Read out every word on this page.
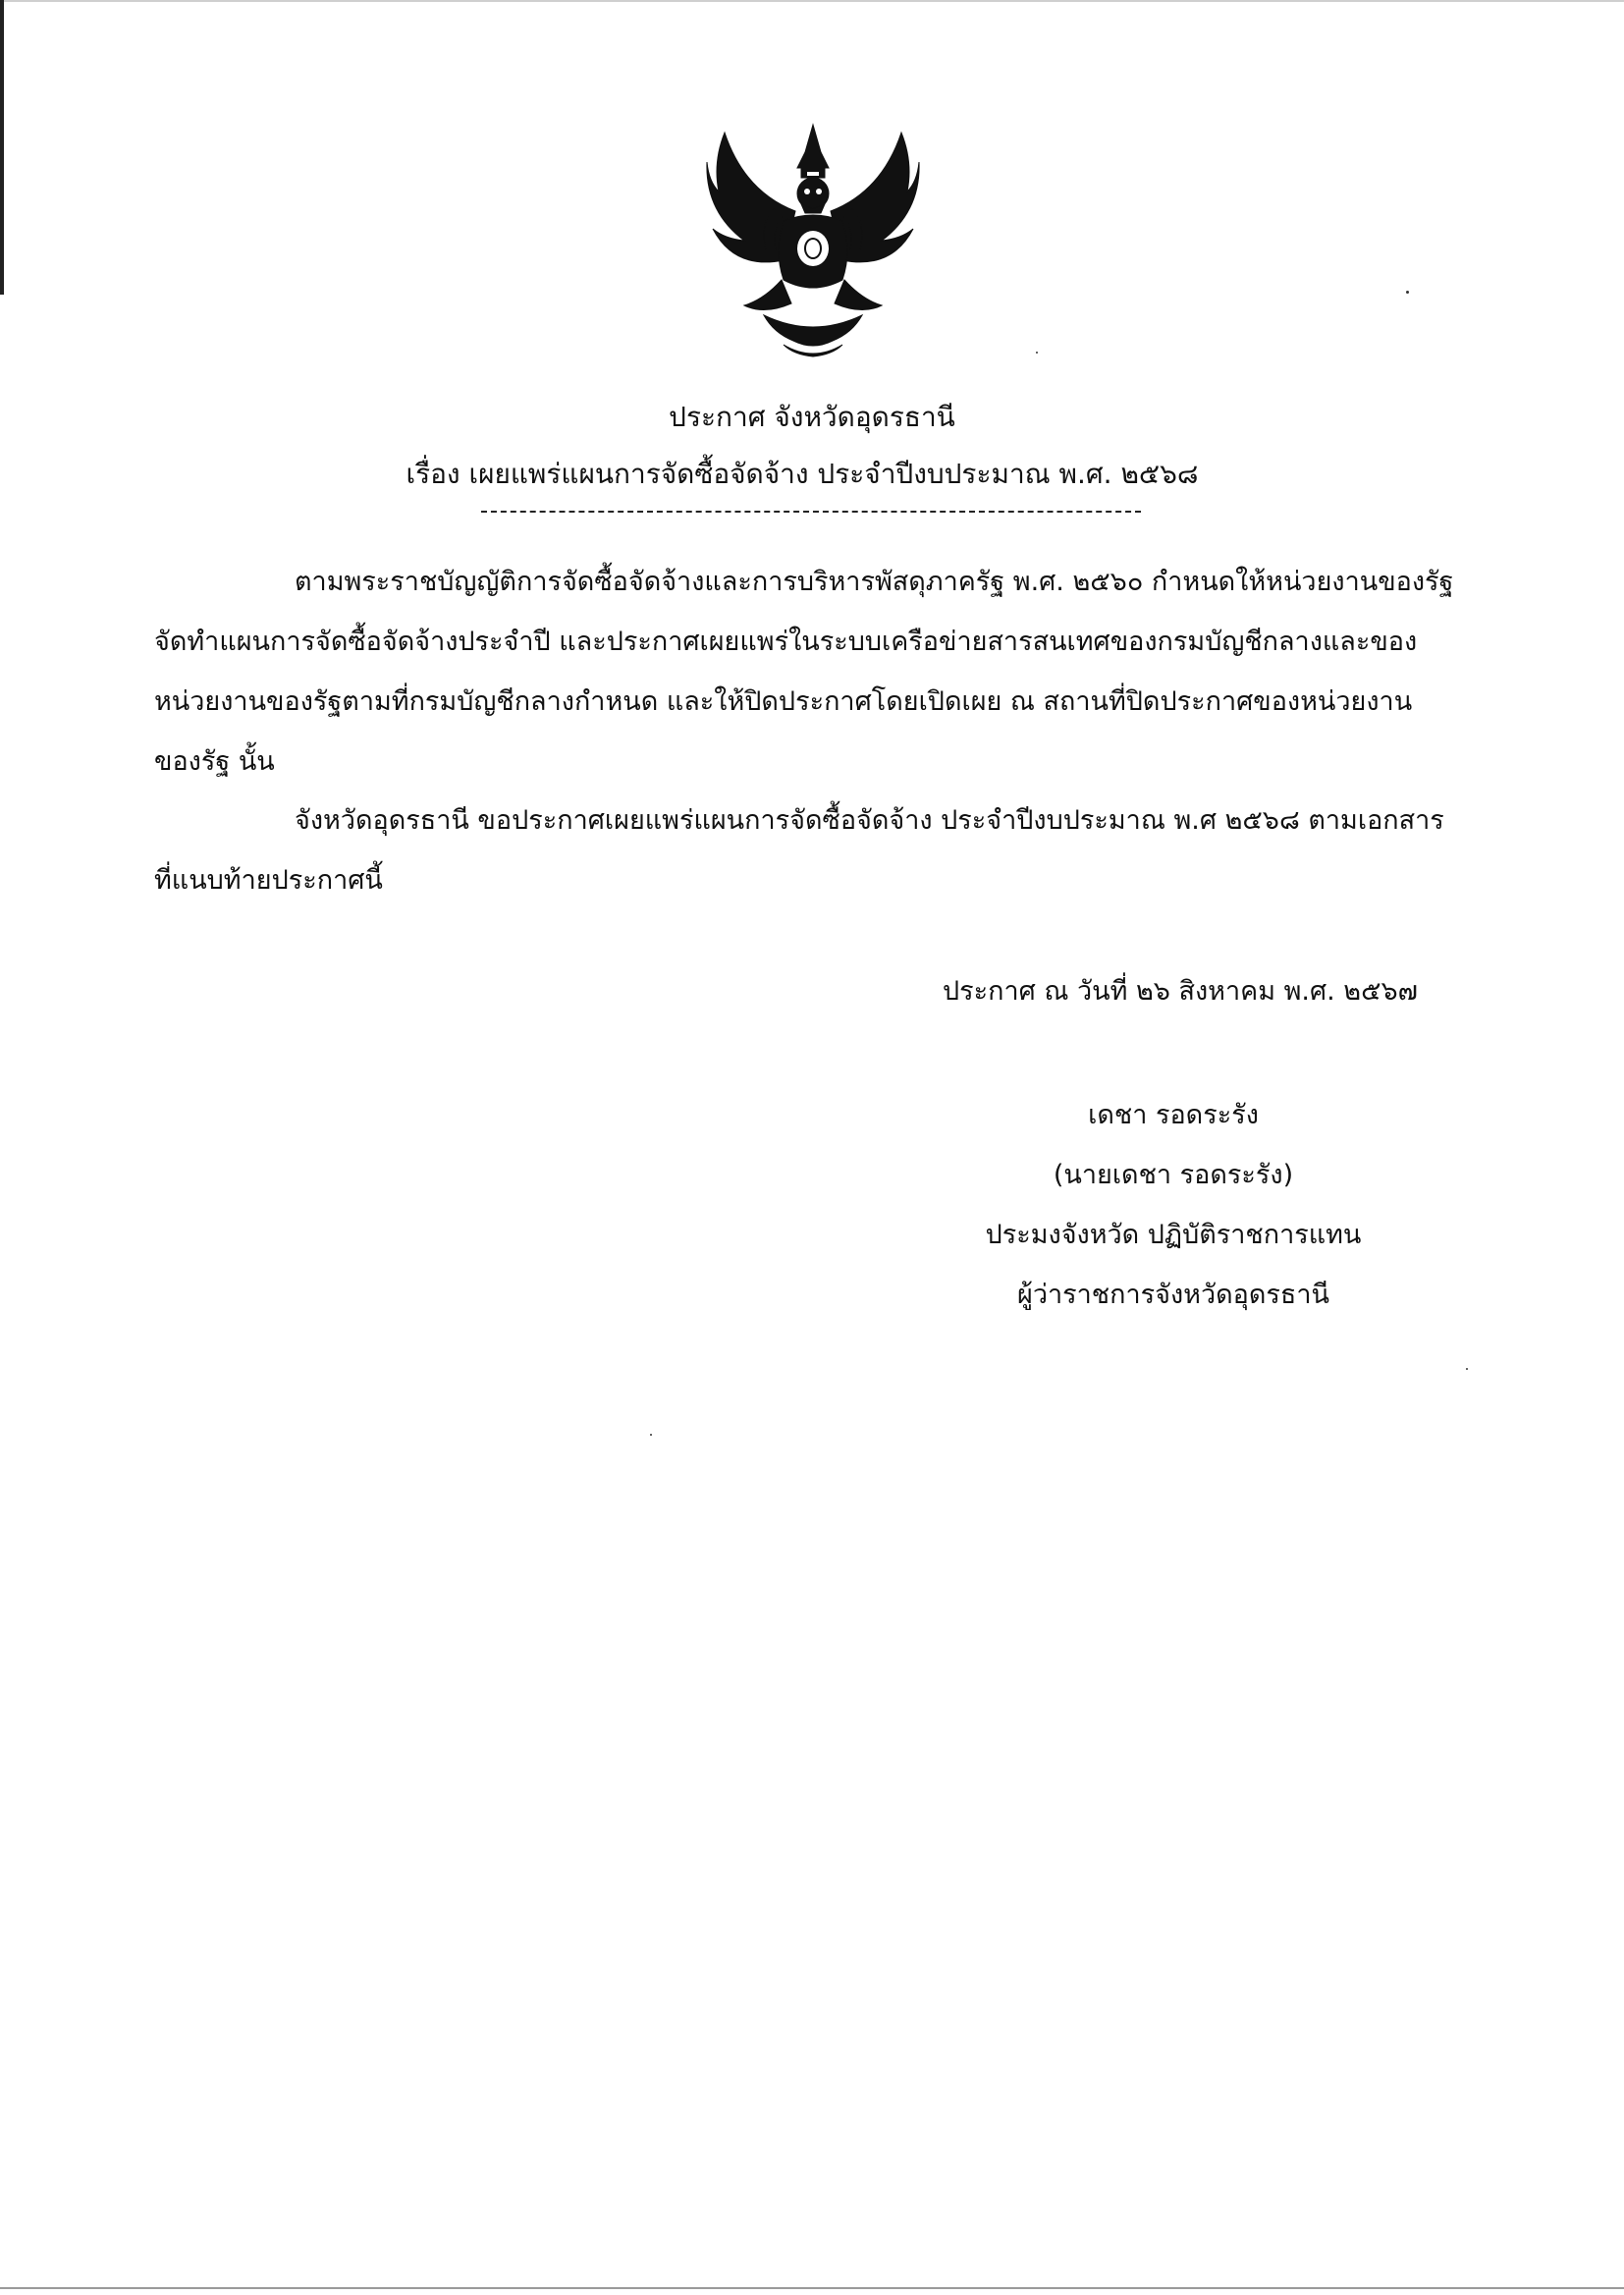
ประกาศ จังหวัดอุดรธานี
เรื่อง เผยแพร่แผนการจัดซื้อจัดจ้าง ประจำปีงบประมาณ พ.ศ. ๒๕๖๘
ตามพระราชบัญญัติการจัดซื้อจัดจ้างและการบริหารพัสดุภาครัฐ พ.ศ. ๒๕๖๐ กำหนดให้หน่วยงานของรัฐ
จัดทำแผนการจัดซื้อจัดจ้างประจำปี และประกาศเผยแพร่ในระบบเครือข่ายสารสนเทศของกรมบัญชีกลางและของ
หน่วยงานของรัฐตามที่กรมบัญชีกลางกำหนด และให้ปิดประกาศโดยเปิดเผย ณ สถานที่ปิดประกาศของหน่วยงาน
ของรัฐ นั้น
จังหวัดอุดรธานี ขอประกาศเผยแพร่แผนการจัดซื้อจัดจ้าง ประจำปีงบประมาณ พ.ศ ๒๕๖๘ ตามเอกสาร
ที่แนบท้ายประกาศนี้
ประกาศ ณ วันที่ ๒๖ สิงหาคม พ.ศ. ๒๕๖๗
เดชา รอดระรัง
(นายเดชา รอดระรัง)
ประมงจังหวัด ปฏิบัติราชการแทน
ผู้ว่าราชการจังหวัดอุดรธานี
